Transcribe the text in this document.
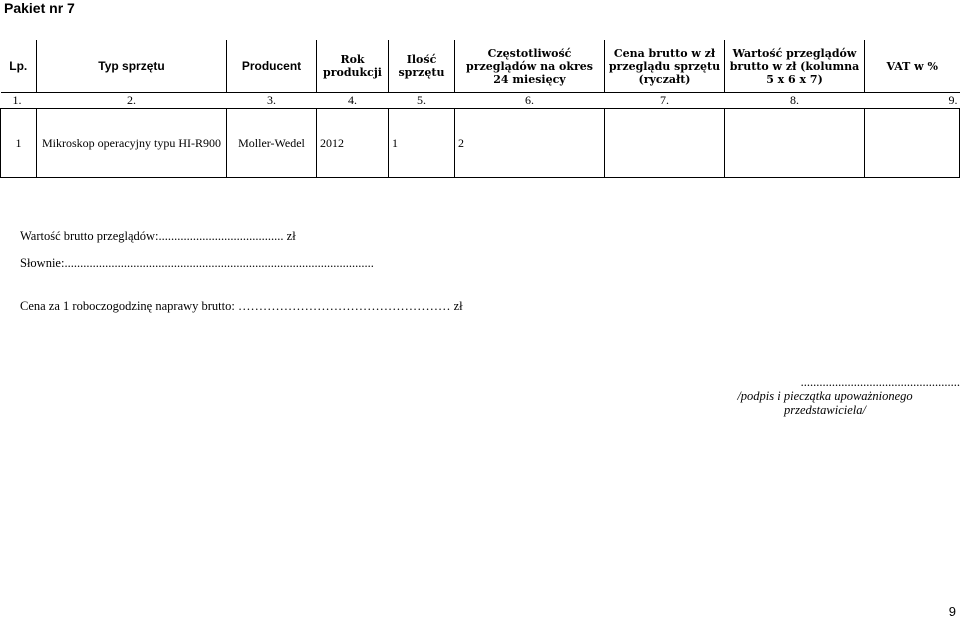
Pakiet nr 7
Lp.	Typ sprzętu	Producent	Rok produkcji	Ilość sprzętu	Częstotliwość przeglądów na okres 24 miesięcy	Cena brutto w zł przeglądu sprzętu (ryczałt)	Wartość przeglądów brutto w zł (kolumna 5 x 6 x 7)	VAT w %
1.	2.	3.	4.	5.	6.	7.	8.	9.
1	Mikroskop operacyjny typu HI-R900	Moller-Wedel	2012	1	2			
Wartość brutto przeglądów:........................................ zł
Słownie:...................................................................................................
Cena za 1 roboczogodzinę naprawy brutto: …………………………………………… zł
...................................................
/podpis i pieczątka upoważnionego
przedstawiciela/
9
